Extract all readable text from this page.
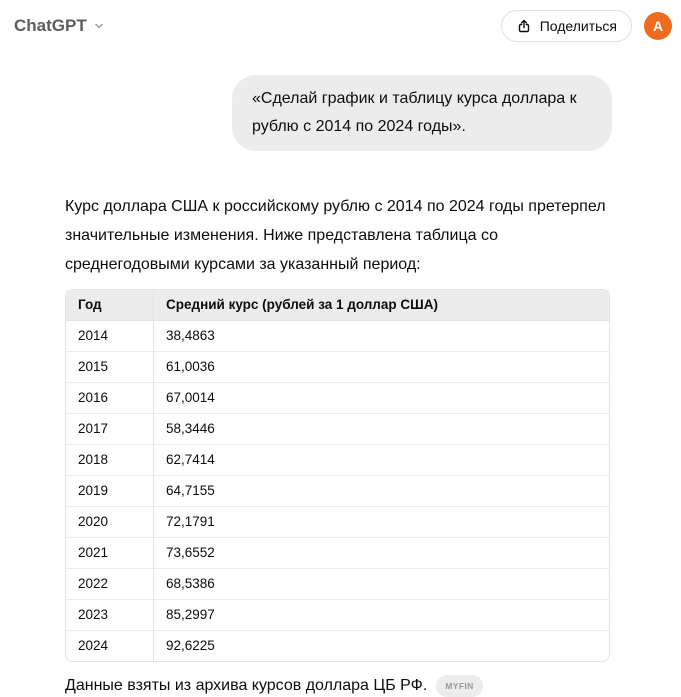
ChatGPT	Поделиться	A
«Сделай график и таблицу курса доллара к рублю с 2014 по 2024 годы».

Курс доллара США к российскому рублю с 2014 по 2024 годы претерпел значительные изменения. Ниже представлена таблица со среднегодовыми курсами за указанный период:

Год	Средний курс (рублей за 1 доллар США)
2014	38,4863
2015	61,0036
2016	67,0014
2017	58,3446
2018	62,7414
2019	64,7155
2020	72,1791
2021	73,6552
2022	68,5386
2023	85,2997
2024	92,6225
Данные взяты из архива курсов доллара ЦБ РФ.	MYFIN
